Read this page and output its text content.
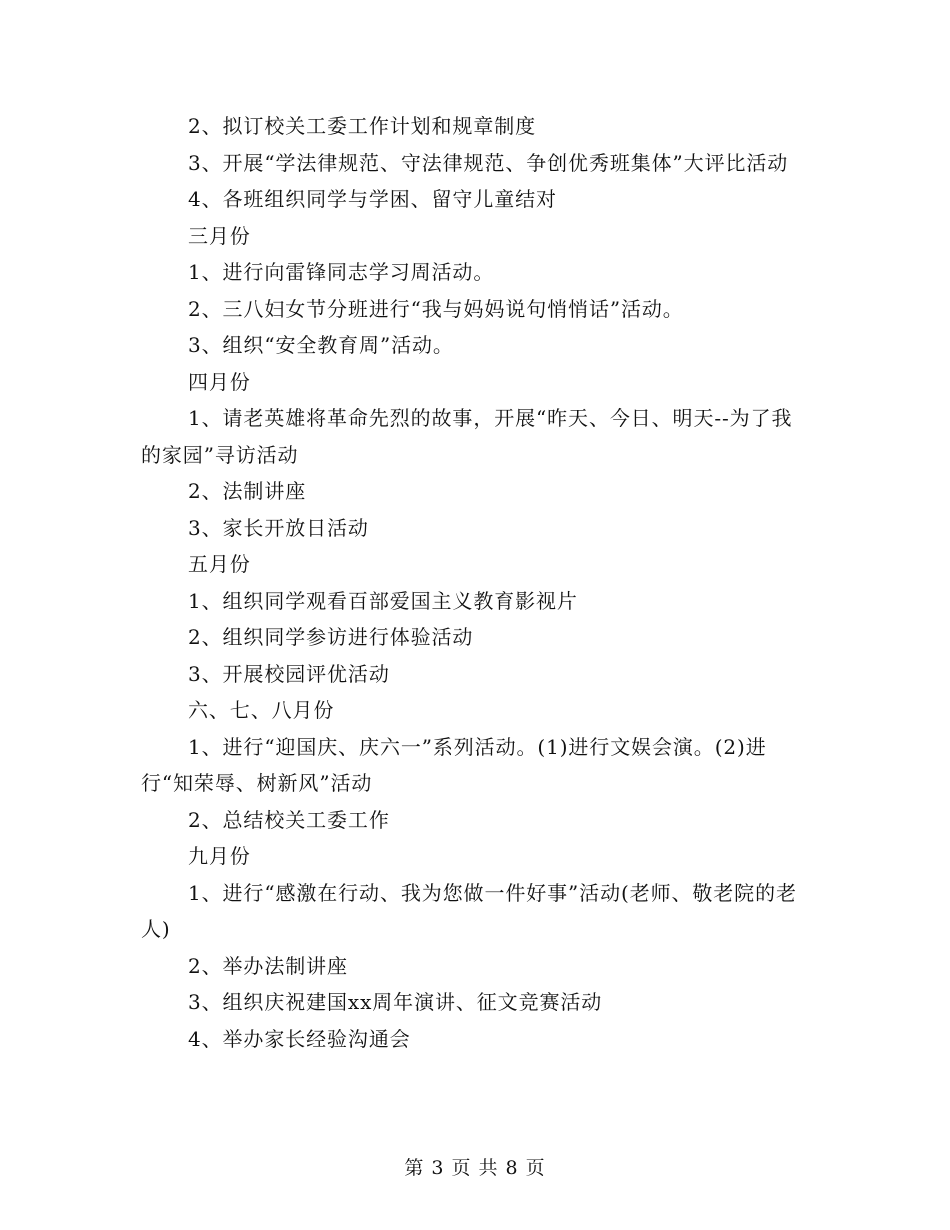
2、拟订校关工委工作计划和规章制度

3、开展“学法律规范、守法律规范、争创优秀班集体”大评比活动

4、各班组织同学与学困、留守儿童结对

三月份

1、进行向雷锋同志学习周活动。

2、三八妇女节分班进行“我与妈妈说句悄悄话”活动。

3、组织“安全教育周”活动。

四月份

1、请老英雄将革命先烈的故事，开展“昨天、今日、明天--为了我的家园”寻访活动

2、法制讲座

3、家长开放日活动

五月份

1、组织同学观看百部爱国主义教育影视片

2、组织同学参访进行体验活动

3、开展校园评优活动

六、七、八月份

1、进行“迎国庆、庆六一”系列活动。(1)进行文娱会演。(2)进行“知荣辱、树新风”活动

2、总结校关工委工作

九月份

1、进行“感激在行动、我为您做一件好事”活动(老师、敬老院的老人)

2、举办法制讲座

3、组织庆祝建国xx周年演讲、征文竞赛活动

4、举办家长经验沟通会

第 3 页 共 8 页
